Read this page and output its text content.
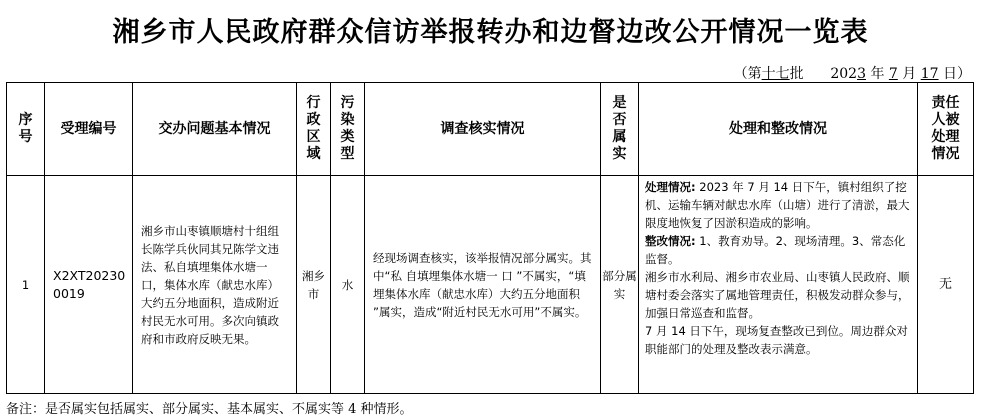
湘乡市人民政府群众信访举报转办和边督边改公开情况一览表
（第十七批 2023 年 7 月 17 日）
序号	受理编号	交办问题基本情况	行政区域	污染类型	调查核实情况	是否属实	处理和整改情况	责任人被处理情况

1	X2XT202300019	湘乡市山枣镇顺塘村十组组长陈学兵伙同其兄陈学文违法、私自填埋集体水塘一口，集体水库（献忠水库）大约五分地面积，造成附近村民无水可用。多次向镇政府和市政府反映无果。	湘乡市	水	经现场调查核实，该举报情况部分属实。其中“私 自填埋集体水塘一 口 ”不属实，“填埋集体水库（献忠水库）大约五分地面积 ”属实，造成“附近村民无水可用”不属实。	部分属实	处理情况: 2023 年 7 月 14 日下午，镇村组织了挖机、运输车辆对献忠水库（山塘）进行了清淤，最大限度地恢复了因淤积造成的影响。
整改情况: 1、教育劝导。2、现场清理。3、常态化监督。
湘乡市水利局、湘乡市农业局、山枣镇人民政府、顺塘村委会落实了属地管理责任，积极发动群众参与，加强日常巡查和监督。
7 月 14 日下午，现场复查整改已到位。周边群众对职能部门的处理及整改表示满意。	无
备注：是否属实包括属实、部分属实、基本属实、不属实等 4 种情形。
